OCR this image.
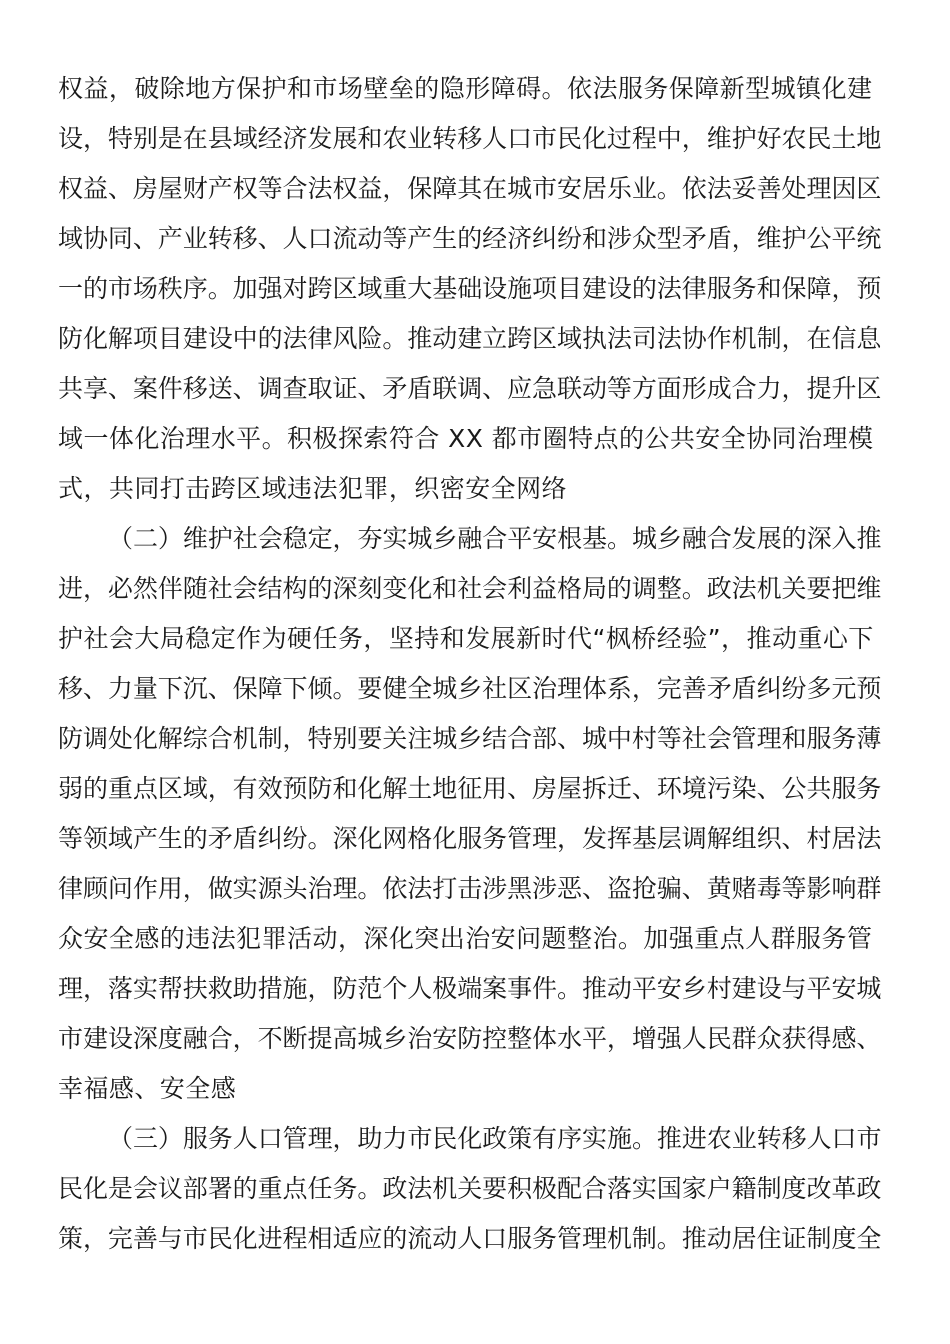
权益，破除地方保护和市场壁垒的隐形障碍。依法服务保障新型城镇化建
设，特别是在县域经济发展和农业转移人口市民化过程中，维护好农民土地
权益、房屋财产权等合法权益，保障其在城市安居乐业。依法妥善处理因区
域协同、产业转移、人口流动等产生的经济纠纷和涉众型矛盾，维护公平统
一的市场秩序。加强对跨区域重大基础设施项目建设的法律服务和保障，预
防化解项目建设中的法律风险。推动建立跨区域执法司法协作机制，在信息
共享、案件移送、调查取证、矛盾联调、应急联动等方面形成合力，提升区
域一体化治理水平。积极探索符合 XX 都市圈特点的公共安全协同治理模
式，共同打击跨区域违法犯罪，织密安全网络
（二）维护社会稳定，夯实城乡融合平安根基。城乡融合发展的深入推
进，必然伴随社会结构的深刻变化和社会利益格局的调整。政法机关要把维
护社会大局稳定作为硬任务，坚持和发展新时代“枫桥经验”，推动重心下
移、力量下沉、保障下倾。要健全城乡社区治理体系，完善矛盾纠纷多元预
防调处化解综合机制，特别要关注城乡结合部、城中村等社会管理和服务薄
弱的重点区域，有效预防和化解土地征用、房屋拆迁、环境污染、公共服务
等领域产生的矛盾纠纷。深化网格化服务管理，发挥基层调解组织、村居法
律顾问作用，做实源头治理。依法打击涉黑涉恶、盗抢骗、黄赌毒等影响群
众安全感的违法犯罪活动，深化突出治安问题整治。加强重点人群服务管
理，落实帮扶救助措施，防范个人极端案事件。推动平安乡村建设与平安城
市建设深度融合，不断提高城乡治安防控整体水平，增强人民群众获得感、
幸福感、安全感
（三）服务人口管理，助力市民化政策有序实施。推进农业转移人口市
民化是会议部署的重点任务。政法机关要积极配合落实国家户籍制度改革政
策，完善与市民化进程相适应的流动人口服务管理机制。推动居住证制度全
